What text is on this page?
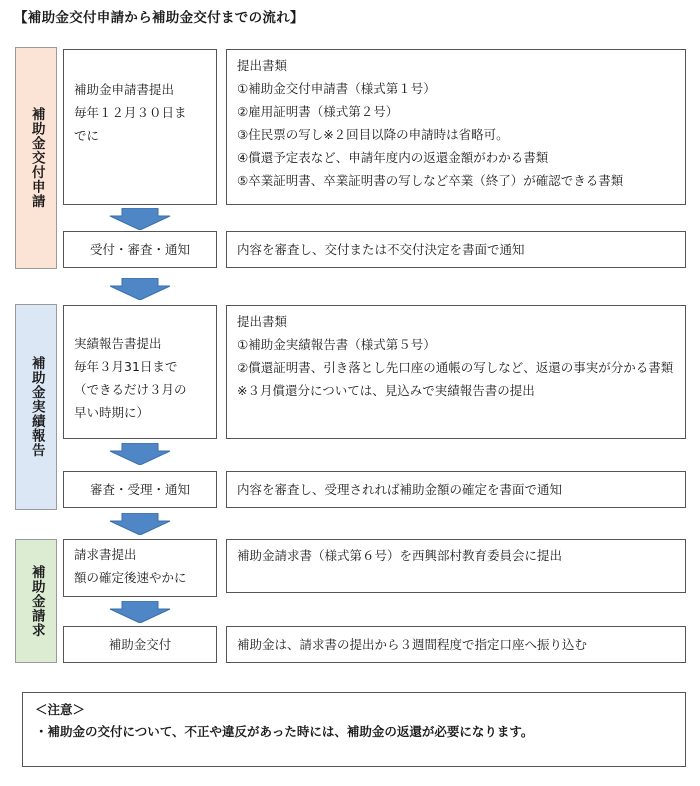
【補助金交付申請から補助金交付までの流れ】
補助金交付申請
補助金実績報告
補助金請求
補助金申請書提出
毎年１２月３０日ま
でに
提出書類
①補助金交付申請書（様式第１号）
②雇用証明書（様式第２号）
③住民票の写し※２回目以降の申請時は省略可。
④償還予定表など、申請年度内の返還金額がわかる書類
⑤卒業証明書、卒業証明書の写しなど卒業（終了）が確認できる書類
受付・審査・通知	内容を審査し、交付または不交付決定を書面で通知
実績報告書提出
毎年３月31日まで
（できるだけ３月の
早い時期に）
提出書類
①補助金実績報告書（様式第５号）
②償還証明書、引き落とし先口座の通帳の写しなど、返還の事実が分かる書類
※３月償還分については、見込みで実績報告書の提出
審査・受理・通知	内容を審査し、受理されれば補助金額の確定を書面で通知
請求書提出
額の確定後速やかに
補助金請求書（様式第６号）を西興部村教育委員会に提出
補助金交付	補助金は、請求書の提出から３週間程度で指定口座へ振り込む
＜注意＞
・補助金の交付について、不正や違反があった時には、補助金の返還が必要になります。
